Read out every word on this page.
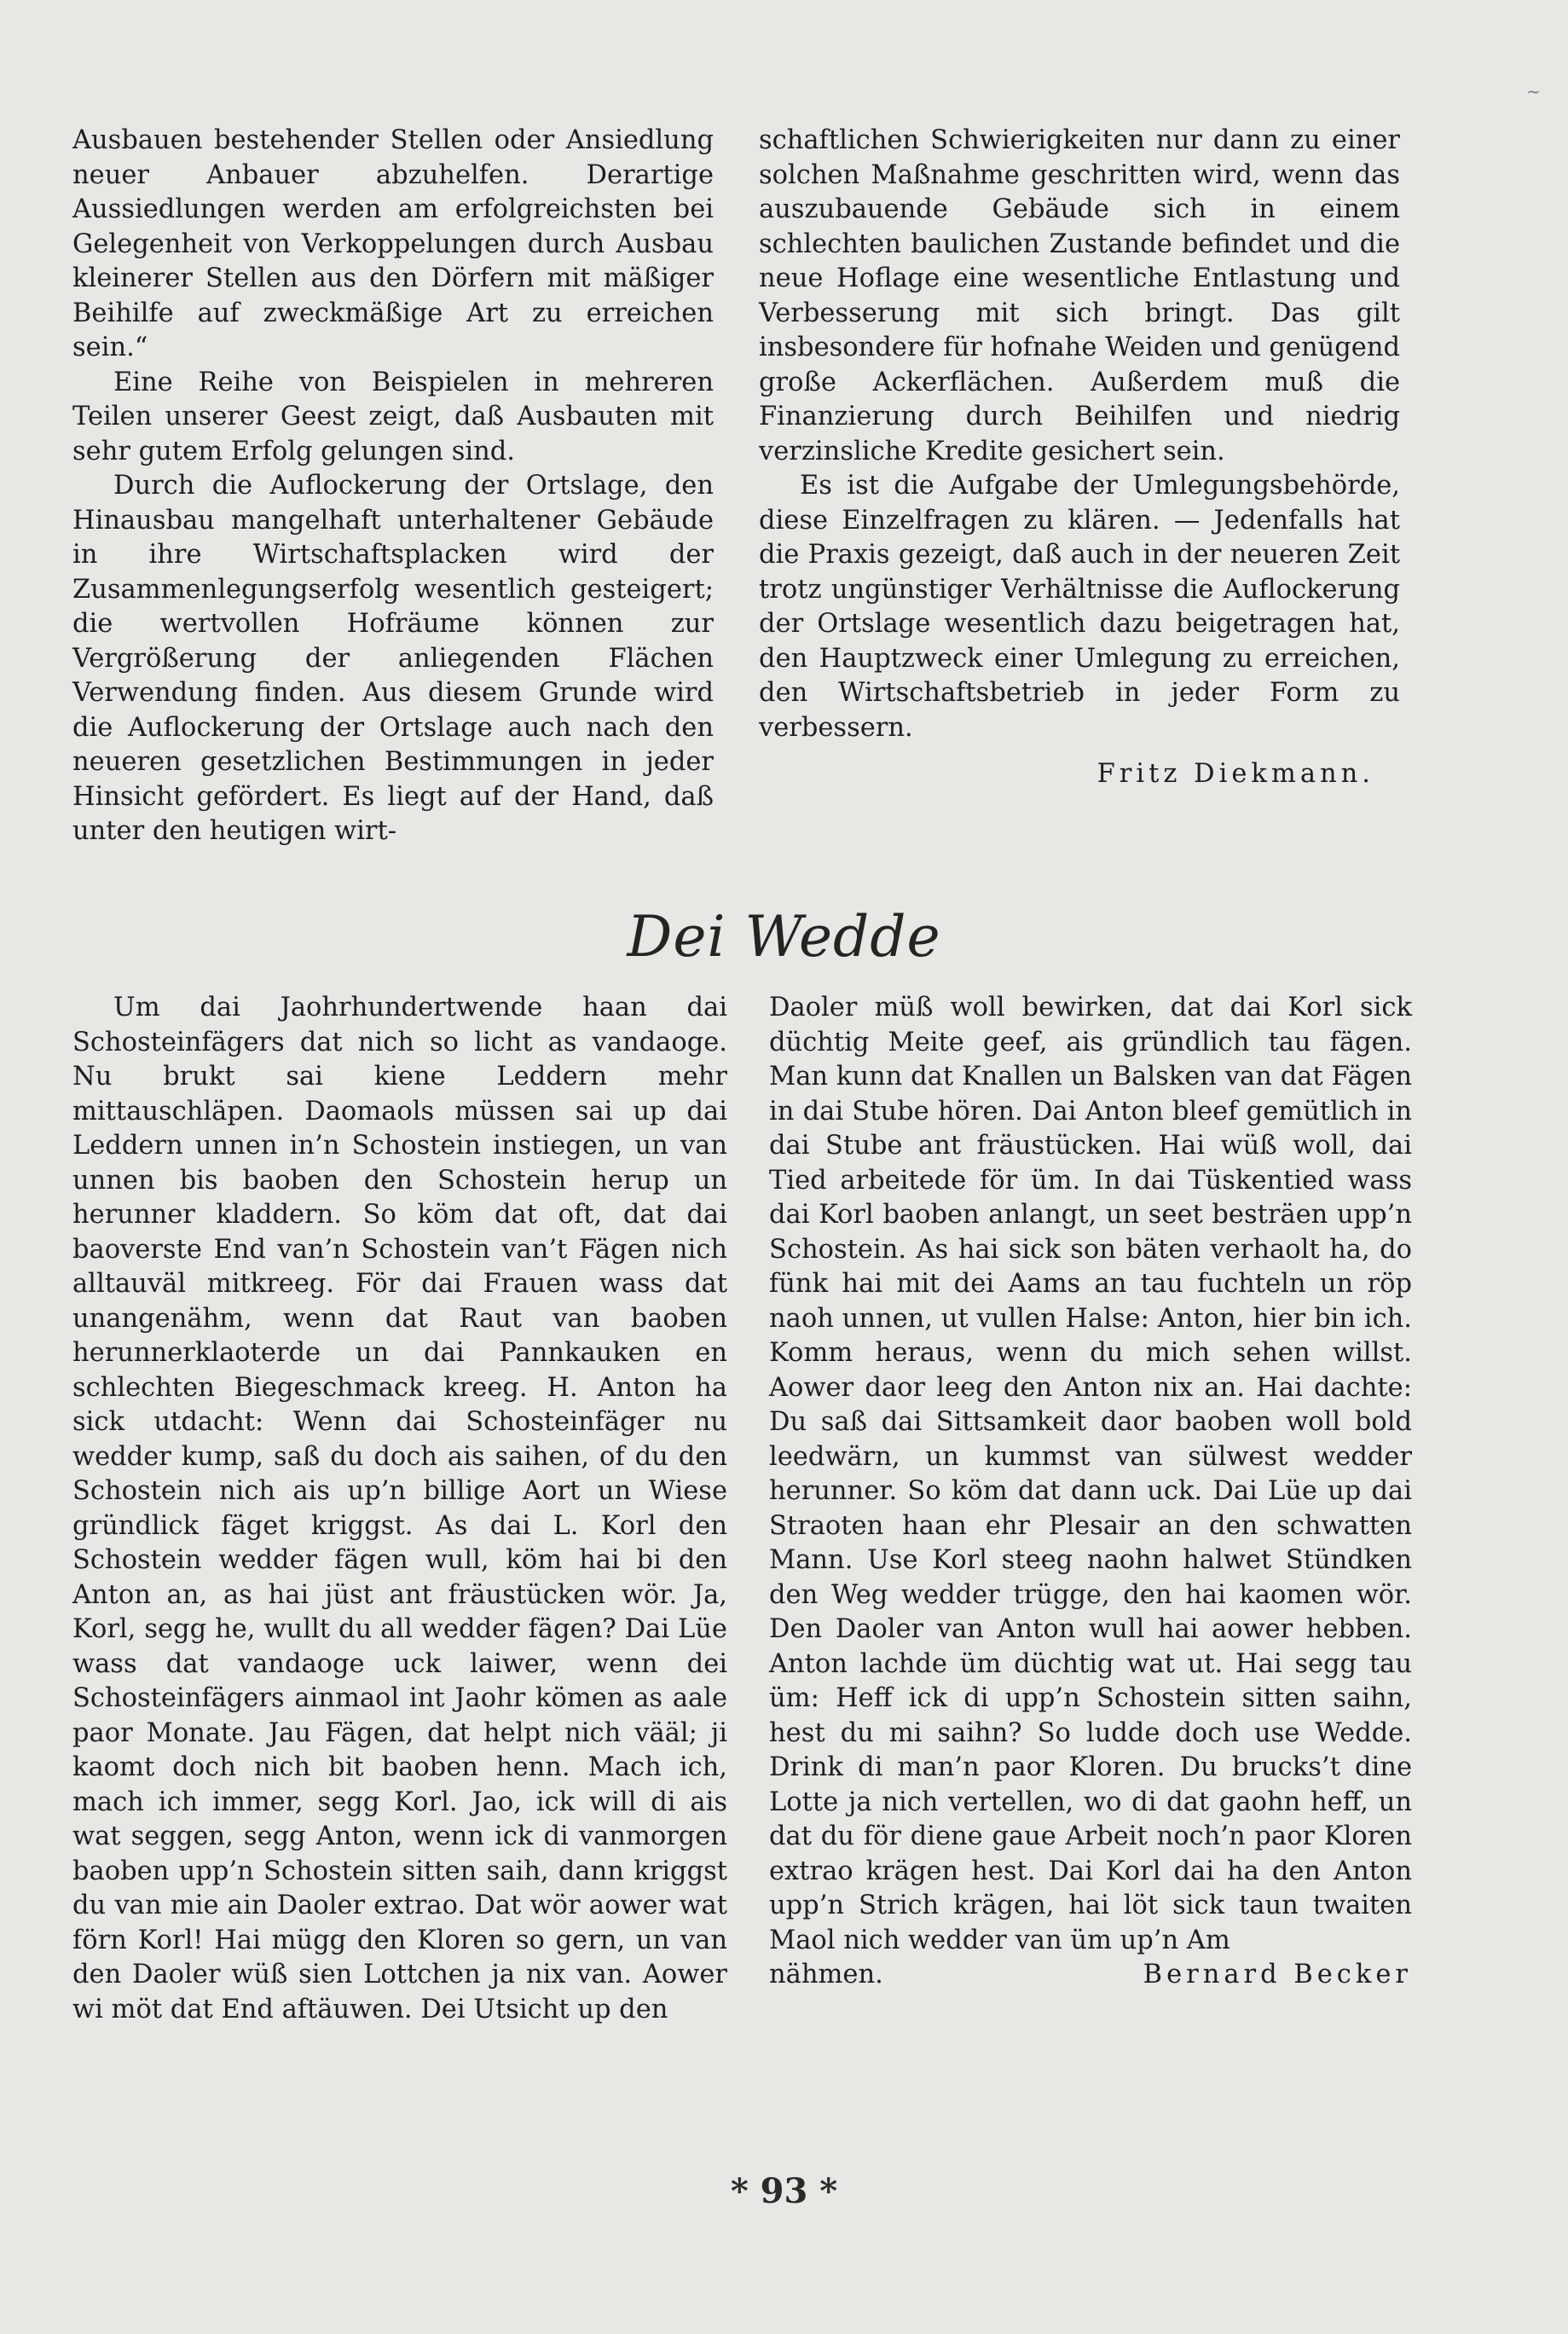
Ausbauen bestehender Stellen oder Ansiedlung neuer Anbauer abzuhelfen. Derartige Aussiedlungen werden am erfolgreichsten bei Gelegenheit von Verkoppelungen durch Ausbau kleinerer Stellen aus den Dörfern mit mäßiger Beihilfe auf zweckmäßige Art zu erreichen sein.“

Eine Reihe von Beispielen in mehreren Teilen unserer Geest zeigt, daß Ausbauten mit sehr gutem Erfolg gelungen sind.

Durch die Auflockerung der Ortslage, den Hinausbau mangelhaft unterhaltener Gebäude in ihre Wirtschaftsplacken wird der Zusammenlegungserfolg wesentlich gesteigert; die wertvollen Hofräume können zur Vergrößerung der anliegenden Flächen Verwendung finden. Aus diesem Grunde wird die Auflockerung der Ortslage auch nach den neueren gesetzlichen Bestimmungen in jeder Hinsicht gefördert. Es liegt auf der Hand, daß unter den heutigen wirt-

schaftlichen Schwierigkeiten nur dann zu einer solchen Maßnahme geschritten wird, wenn das auszubauende Gebäude sich in einem schlechten baulichen Zustande befindet und die neue Hoflage eine wesentliche Entlastung und Verbesserung mit sich bringt. Das gilt insbesondere für hofnahe Weiden und genügend große Ackerflächen. Außerdem muß die Finanzierung durch Beihilfen und niedrig verzinsliche Kredite gesichert sein.

Es ist die Aufgabe der Umlegungsbehörde, diese Einzelfragen zu klären. — Jedenfalls hat die Praxis gezeigt, daß auch in der neueren Zeit trotz ungünstiger Verhältnisse die Auflockerung der Ortslage wesentlich dazu beigetragen hat, den Hauptzweck einer Umlegung zu erreichen, den Wirtschaftsbetrieb in jeder Form zu verbessern.

Fritz Diekmann.

Dei Wedde

Um dai Jaohrhundertwende haan dai Schosteinfägers dat nich so licht as vandaoge. Nu brukt sai kiene Leddern mehr mittauschläpen. Daomaols müssen sai up dai Leddern unnen in’n Schostein instiegen, un van unnen bis baoben den Schostein herup un herunner kladdern. So köm dat oft, dat dai baoverste End van’n Schostein van’t Fägen nich alltauväl mitkreeg. För dai Frauen wass dat unangenähm, wenn dat Raut van baoben herunnerklaoterde un dai Pannkauken en schlechten Biegeschmack kreeg. H. Anton ha sick utdacht: Wenn dai Schosteinfäger nu wedder kump, saß du doch ais saihen, of du den Schostein nich ais up’n billige Aort un Wiese gründlick fäget kriggst. As dai L. Korl den Schostein wedder fägen wull, köm hai bi den Anton an, as hai jüst ant fräustücken wör. Ja, Korl, segg he, wullt du all wedder fägen? Dai Lüe wass dat vandaoge uck laiwer, wenn dei Schosteinfägers ainmaol int Jaohr kömen as aale paor Monate. Jau Fägen, dat helpt nich vääl; ji kaomt doch nich bit baoben henn. Mach ich, mach ich immer, segg Korl. Jao, ick will di ais wat seggen, segg Anton, wenn ick di vanmorgen baoben upp’n Schostein sitten saih, dann kriggst du van mie ain Daoler extrao. Dat wör aower wat förn Korl! Hai mügg den Kloren so gern, un van den Daoler wüß sien Lottchen ja nix van. Aower wi möt dat End aftäuwen. Dei Utsicht up den

Daoler müß woll bewirken, dat dai Korl sick düchtig Meite geef, ais gründlich tau fägen. Man kunn dat Knallen un Balsken van dat Fägen in dai Stube hören. Dai Anton bleef gemütlich in dai Stube ant fräustücken. Hai wüß woll, dai Tied arbeitede för üm. In dai Tüskentied wass dai Korl baoben anlangt, un seet besträen upp’n Schostein. As hai sick son bäten verhaolt ha, do fünk hai mit dei Aams an tau fuchteln un röp naoh unnen, ut vullen Halse: Anton, hier bin ich. Komm heraus, wenn du mich sehen willst. Aower daor leeg den Anton nix an. Hai dachte: Du saß dai Sittsamkeit daor baoben woll bold leedwärn, un kummst van sülwest wedder herunner. So köm dat dann uck. Dai Lüe up dai Straoten haan ehr Plesair an den schwatten Mann. Use Korl steeg naohn halwet Stündken den Weg wedder trügge, den hai kaomen wör. Den Daoler van Anton wull hai aower hebben. Anton lachde üm düchtig wat ut. Hai segg tau üm: Heff ick di upp’n Schostein sitten saihn, hest du mi saihn? So ludde doch use Wedde. Drink di man’n paor Kloren. Du brucks’t dine Lotte ja nich vertellen, wo di dat gaohn heff, un dat du för diene gaue Arbeit noch’n paor Kloren extrao krägen hest. Dai Korl dai ha den Anton upp’n Strich krägen, hai löt sick taun twaiten Maol nich wedder van üm up’n Am

nähmen.	Bernard Becker

* 93 *
~
